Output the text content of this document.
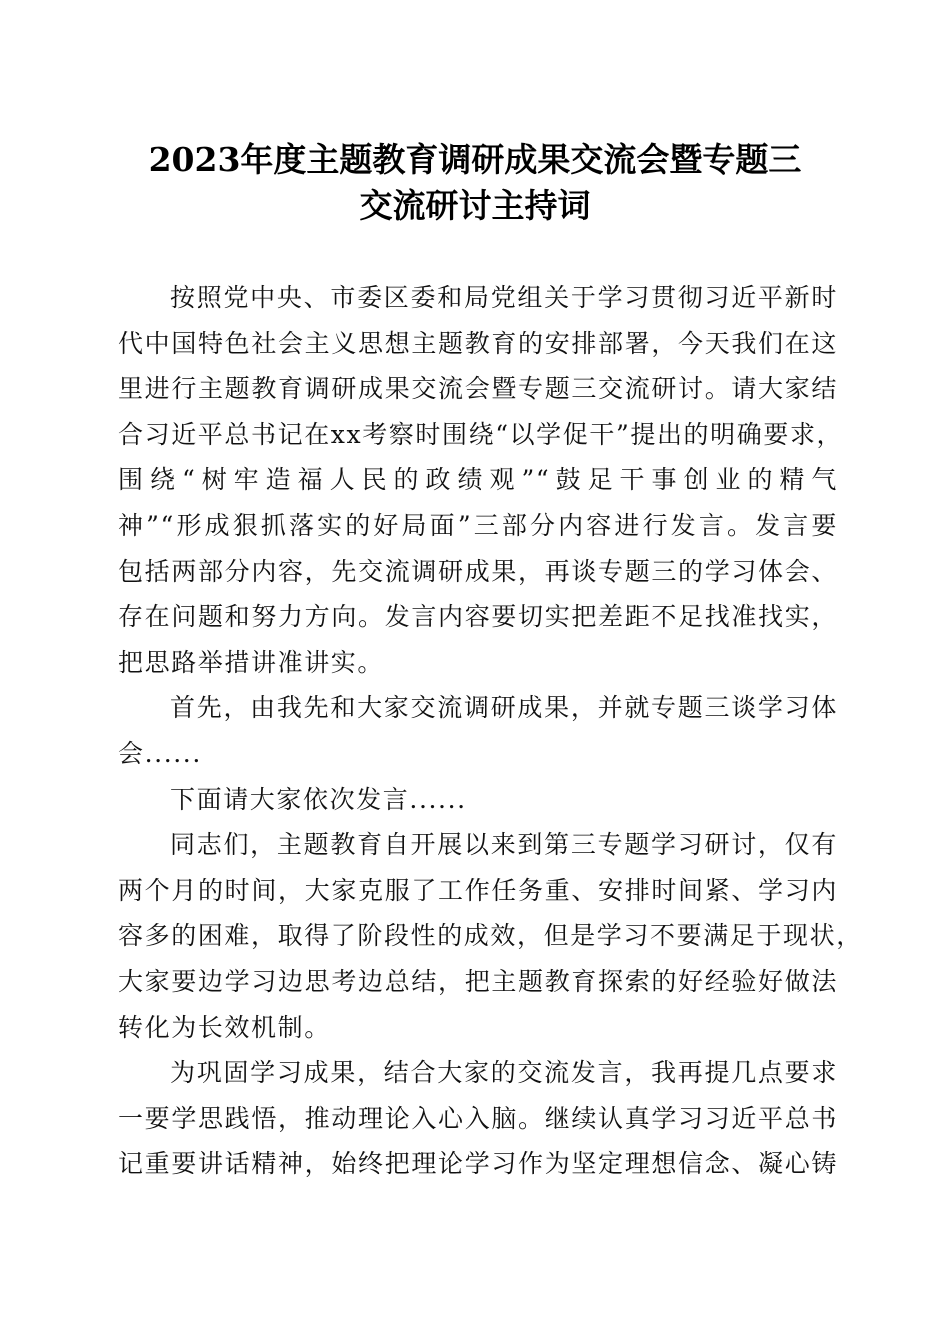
2023年度主题教育调研成果交流会暨专题三
交流研讨主持词
按照党中央、市委区委和局党组关于学习贯彻习近平新时
代中国特色社会主义思想主题教育的安排部署，今天我们在这
里进行主题教育调研成果交流会暨专题三交流研讨。请大家结
合习近平总书记在xx考察时围绕“以学促干”提出的明确要求，
围绕“树牢造福人民的政绩观”“鼓足干事创业的精气
神”“形成狠抓落实的好局面”三部分内容进行发言。发言要
包括两部分内容，先交流调研成果，再谈专题三的学习体会、
存在问题和努力方向。发言内容要切实把差距不足找准找实，
把思路举措讲准讲实。
首先，由我先和大家交流调研成果，并就专题三谈学习体
会......
下面请大家依次发言......
同志们，主题教育自开展以来到第三专题学习研讨，仅有
两个月的时间，大家克服了工作任务重、安排时间紧、学习内
容多的困难，取得了阶段性的成效，但是学习不要满足于现状，
大家要边学习边思考边总结，把主题教育探索的好经验好做法
转化为长效机制。
为巩固学习成果，结合大家的交流发言，我再提几点要求
一要学思践悟，推动理论入心入脑。继续认真学习习近平总书
记重要讲话精神，始终把理论学习作为坚定理想信念、凝心铸
